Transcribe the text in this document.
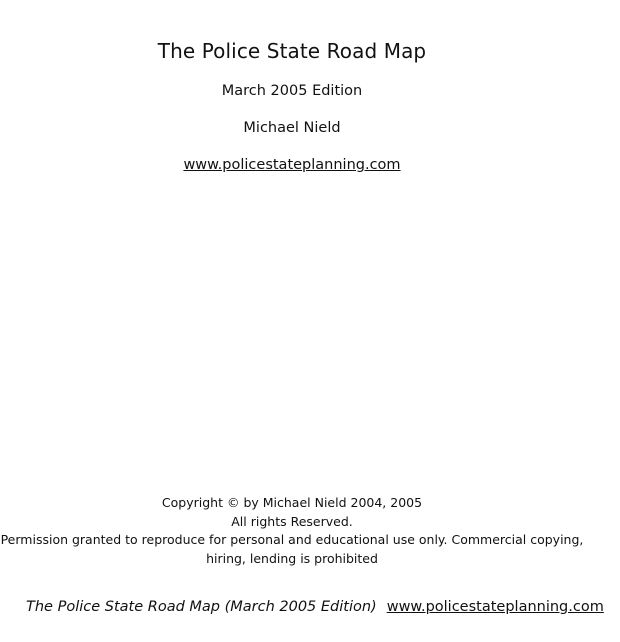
The Police State Road Map
March 2005 Edition
Michael Nield
www.policestateplanning.com
Copyright © by Michael Nield 2004, 2005
All rights Reserved.
Permission granted to reproduce for personal and educational use only. Commercial copying,
hiring, lending is prohibited
The Police State Road Map (March 2005 Edition) www.policestateplanning.com
